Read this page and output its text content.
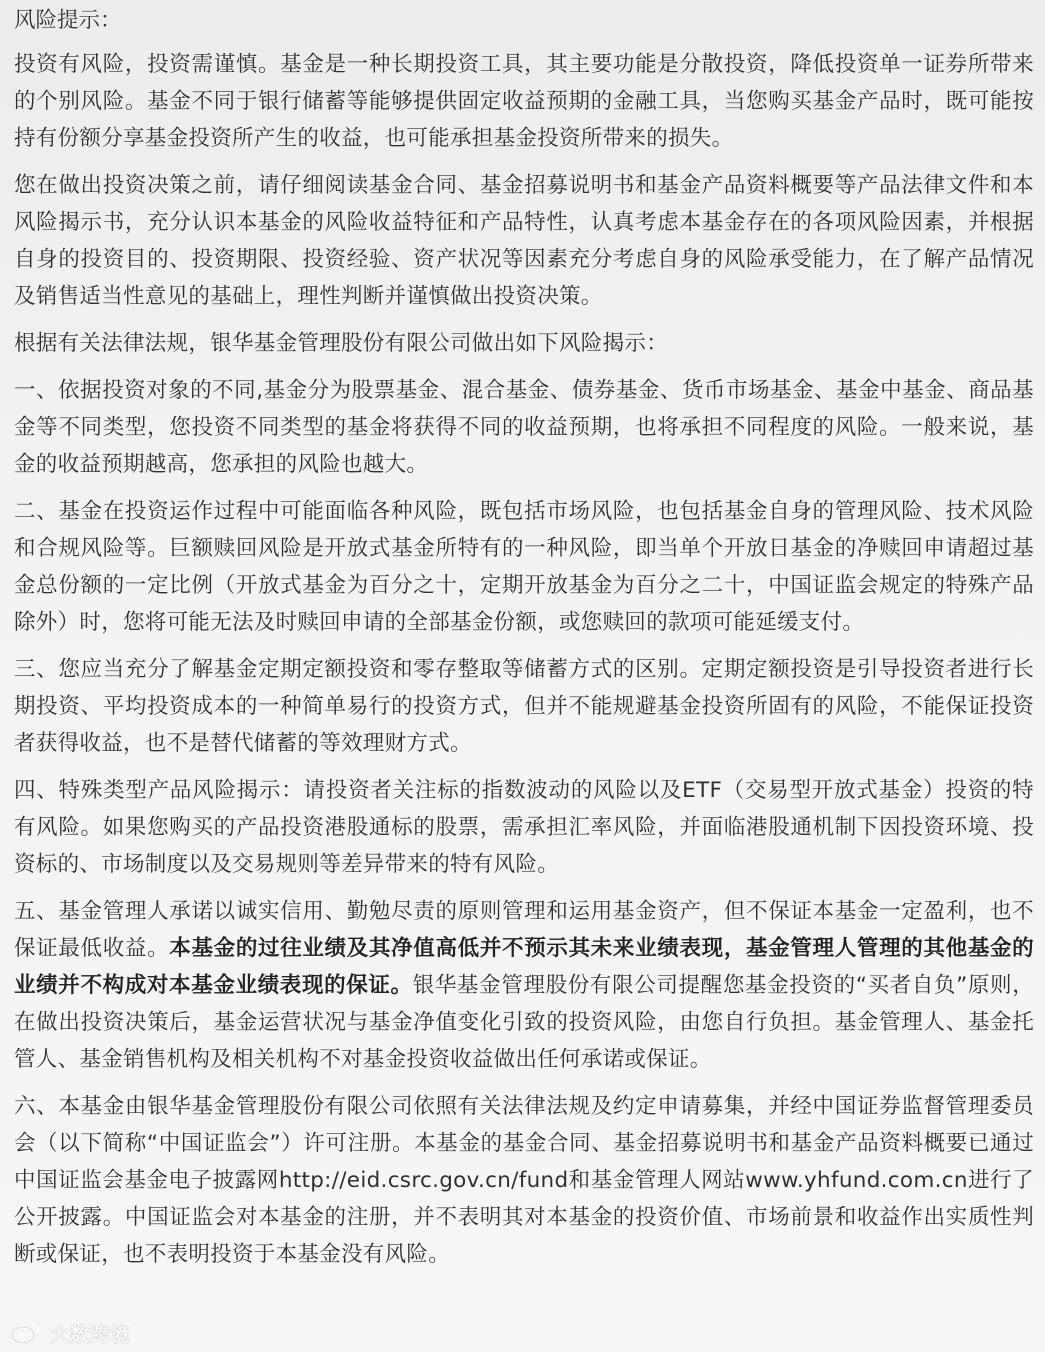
风险提示：

投资有风险，投资需谨慎。基金是一种长期投资工具，其主要功能是分散投资，降低投资单一证券所带来的个别风险。基金不同于银行储蓄等能够提供固定收益预期的金融工具，当您购买基金产品时，既可能按持有份额分享基金投资所产生的收益，也可能承担基金投资所带来的损失。

您在做出投资决策之前，请仔细阅读基金合同、基金招募说明书和基金产品资料概要等产品法律文件和本风险揭示书，充分认识本基金的风险收益特征和产品特性，认真考虑本基金存在的各项风险因素，并根据自身的投资目的、投资期限、投资经验、资产状况等因素充分考虑自身的风险承受能力，在了解产品情况及销售适当性意见的基础上，理性判断并谨慎做出投资决策。

根据有关法律法规，银华基金管理股份有限公司做出如下风险揭示：

一、依据投资对象的不同,基金分为股票基金、混合基金、债券基金、货币市场基金、基金中基金、商品基金等不同类型，您投资不同类型的基金将获得不同的收益预期，也将承担不同程度的风险。一般来说，基金的收益预期越高，您承担的风险也越大。

二、基金在投资运作过程中可能面临各种风险，既包括市场风险，也包括基金自身的管理风险、技术风险和合规风险等。巨额赎回风险是开放式基金所特有的一种风险，即当单个开放日基金的净赎回申请超过基金总份额的一定比例（开放式基金为百分之十，定期开放基金为百分之二十，中国证监会规定的特殊产品除外）时，您将可能无法及时赎回申请的全部基金份额，或您赎回的款项可能延缓支付。

三、您应当充分了解基金定期定额投资和零存整取等储蓄方式的区别。定期定额投资是引导投资者进行长期投资、平均投资成本的一种简单易行的投资方式，但并不能规避基金投资所固有的风险，不能保证投资者获得收益，也不是替代储蓄的等效理财方式。

四、特殊类型产品风险揭示：请投资者关注标的指数波动的风险以及ETF（交易型开放式基金）投资的特有风险。如果您购买的产品投资港股通标的股票，需承担汇率风险，并面临港股通机制下因投资环境、投资标的、市场制度以及交易规则等差异带来的特有风险。

五、基金管理人承诺以诚实信用、勤勉尽责的原则管理和运用基金资产，但不保证本基金一定盈利，也不保证最低收益。本基金的过往业绩及其净值高低并不预示其未来业绩表现，基金管理人管理的其他基金的业绩并不构成对本基金业绩表现的保证。银华基金管理股份有限公司提醒您基金投资的“买者自负”原则，在做出投资决策后，基金运营状况与基金净值变化引致的投资风险，由您自行负担。基金管理人、基金托管人、基金销售机构及相关机构不对基金投资收益做出任何承诺或保证。

六、本基金由银华基金管理股份有限公司依照有关法律法规及约定申请募集，并经中国证券监督管理委员会（以下简称“中国证监会”）许可注册。本基金的基金合同、基金招募说明书和基金产品资料概要已通过中国证监会基金电子披露网http://eid.csrc.gov.cn/fund和基金管理人网站www.yhfund.com.cn进行了公开披露。中国证监会对本基金的注册，并不表明其对本基金的投资价值、市场前景和收益作出实质性判断或保证，也不表明投资于本基金没有风险。

大数跨境
